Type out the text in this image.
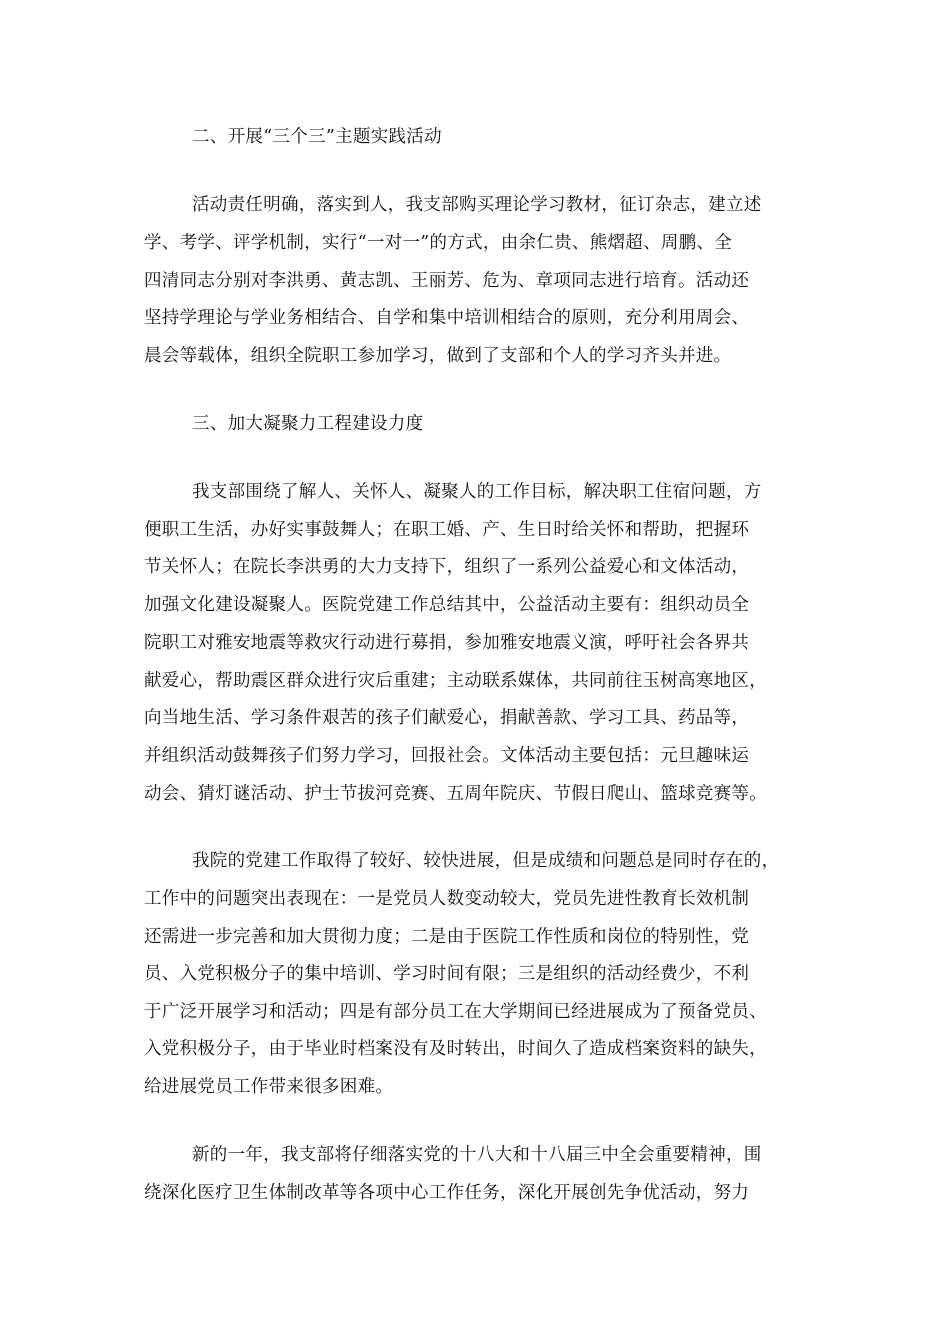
二、开展“三个三”主题实践活动
活动责任明确，落实到人，我支部购买理论学习教材，征订杂志，建立述
学、考学、评学机制，实行“一对一”的方式，由余仁贵、熊熠超、周鹏、全
四清同志分别对李洪勇、黄志凯、王丽芳、危为、章项同志进行培育。活动还
坚持学理论与学业务相结合、自学和集中培训相结合的原则，充分利用周会、
晨会等载体，组织全院职工参加学习，做到了支部和个人的学习齐头并进。
三、加大凝聚力工程建设力度
我支部围绕了解人、关怀人、凝聚人的工作目标，解决职工住宿问题，方
便职工生活，办好实事鼓舞人；在职工婚、产、生日时给关怀和帮助，把握环
节关怀人；在院长李洪勇的大力支持下，组织了一系列公益爱心和文体活动，
加强文化建设凝聚人。医院党建工作总结其中，公益活动主要有：组织动员全
院职工对雅安地震等救灾行动进行募捐，参加雅安地震义演，呼吁社会各界共
献爱心，帮助震区群众进行灾后重建；主动联系媒体，共同前往玉树高寒地区，
向当地生活、学习条件艰苦的孩子们献爱心，捐献善款、学习工具、药品等，
并组织活动鼓舞孩子们努力学习，回报社会。文体活动主要包括：元旦趣味运
动会、猜灯谜活动、护士节拔河竞赛、五周年院庆、节假日爬山、篮球竞赛等。
我院的党建工作取得了较好、较快进展，但是成绩和问题总是同时存在的，
工作中的问题突出表现在：一是党员人数变动较大，党员先进性教育长效机制
还需进一步完善和加大贯彻力度；二是由于医院工作性质和岗位的特别性，党
员、入党积极分子的集中培训、学习时间有限；三是组织的活动经费少，不利
于广泛开展学习和活动；四是有部分员工在大学期间已经进展成为了预备党员、
入党积极分子，由于毕业时档案没有及时转出，时间久了造成档案资料的缺失，
给进展党员工作带来很多困难。
新的一年，我支部将仔细落实党的十八大和十八届三中全会重要精神，围
绕深化医疗卫生体制改革等各项中心工作任务，深化开展创先争优活动，努力
